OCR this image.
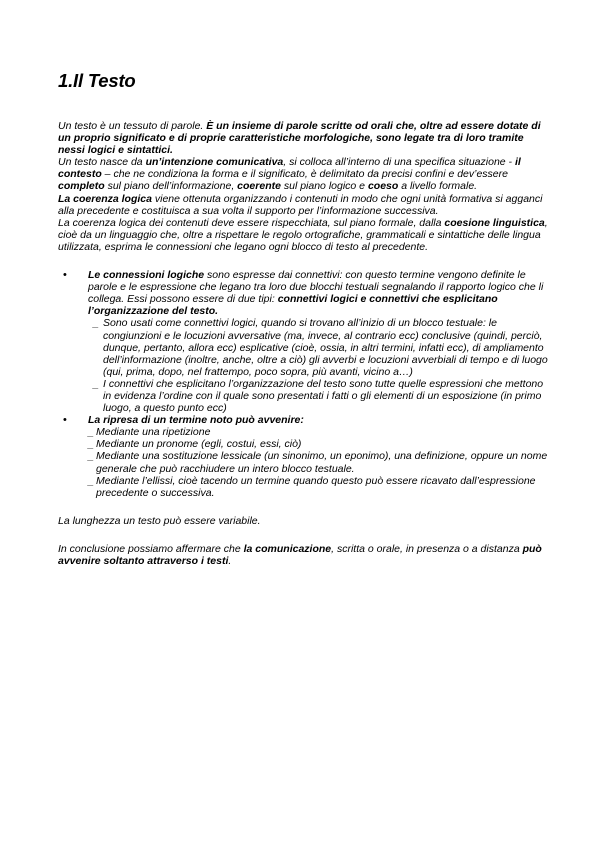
1.Il Testo

Un testo è un tessuto di parole. È un insieme di parole scritte od orali che, oltre ad essere dotate di un proprio significato e di proprie caratteristiche morfologiche, sono legate tra di loro tramite nessi logici e sintattici.

Un testo nasce da un’intenzione comunicativa, si colloca all’interno di una specifica situazione - il contesto – che ne condiziona la forma e il significato, è delimitato da precisi confini e dev’essere completo sul piano dell’informazione, coerente sul piano logico e coeso a livello formale.

La coerenza logica viene ottenuta organizzando i contenuti in modo che ogni unità formativa si agganci alla precedente e costituisca a sua volta il supporto per l’informazione successiva.

La coerenza logica dei contenuti deve essere rispecchiata, sul piano formale, dalla coesione linguistica, cioè da un linguaggio che, oltre a rispettare le regolo ortografiche, grammaticali e sintattiche delle lingua utilizzata, esprima le connessioni che legano ogni blocco di testo al precedente.

• Le connessioni logiche sono espresse dai connettivi: con questo termine vengono definite le parole e le espressione che legano tra loro due blocchi testuali segnalando il rapporto logico che li collega. Essi possono essere di due tipi: connettivi logici e connettivi che esplicitano l’organizzazione del testo.

_ Sono usati come connettivi logici, quando si trovano all’inizio di un blocco testuale: le congiunzioni e le locuzioni avversative (ma, invece, al contrario ecc) conclusive (quindi, perciò, dunque, pertanto, allora ecc) esplicative (cioè, ossia, in altri termini, infatti ecc), di ampliamento dell’informazione (inoltre, anche, oltre a ciò) gli avverbi e locuzioni avverbiali di tempo e di luogo (qui, prima, dopo, nel frattempo, poco sopra, più avanti, vicino a…)
_ I connettivi che esplicitano l’organizzazione del testo sono tutte quelle espressioni che mettono in evidenza l’ordine con il quale sono presentati i fatti o gli elementi di un esposizione (in primo luogo, a questo punto ecc)
• La ripresa di un termine noto può avvenire:

_ Mediante una ripetizione
_ Mediante un pronome (egli, costui, essi, ciò)
_ Mediante una sostituzione lessicale (un sinonimo, un eponimo), una definizione, oppure un nome generale che può racchiudere un intero blocco testuale.
_ Mediante l’ellissi, cioè tacendo un termine quando questo può essere ricavato dall’espressione precedente o successiva.

La lunghezza un testo può essere variabile.

In conclusione possiamo affermare che la comunicazione, scritta o orale, in presenza o a distanza può avvenire soltanto attraverso i testi.
